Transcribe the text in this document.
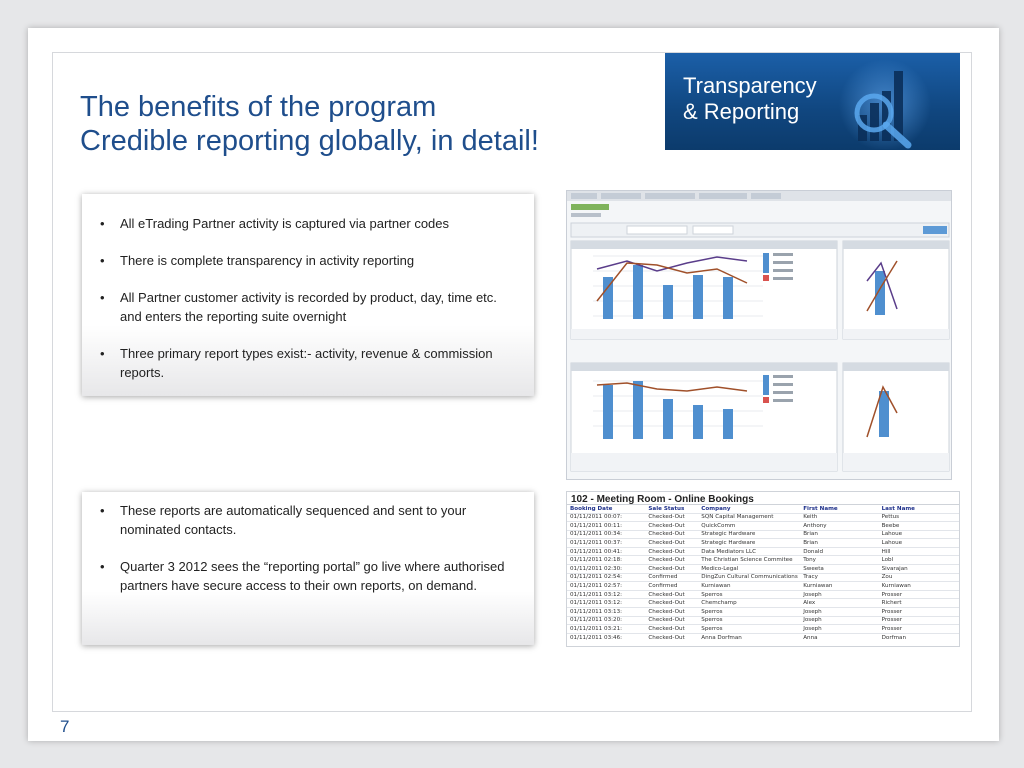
The benefits of the program
Credible reporting globally, in detail!
Transparency
& Reporting
• All eTrading Partner activity is captured via partner codes
• There is complete transparency in activity reporting
• All Partner customer activity is recorded by product, day, time etc. and enters the reporting suite overnight
• Three primary report types exist:- activity, revenue & commission reports.
• These reports are automatically sequenced and sent to your nominated contacts.
• Quarter 3 2012 sees the “reporting portal” go live where authorised partners have secure access to their own reports, on demand.
102 - Meeting Room - Online Bookings
Booking Date	Sale Status	Company	First Name	Last Name
01/11/2011 00:07:	Checked-Out	SQN Capital Management	Keith	Pettus
01/11/2011 00:11:	Checked-Out	QuickComm	Anthony	Beebe
01/11/2011 00:34:	Checked-Out	Strategic Hardware	Brian	Lahoue
01/11/2011 00:37:	Checked-Out	Strategic Hardware	Brian	Lahoue
01/11/2011 00:41:	Checked-Out	Data Mediators LLC	Donald	Hill
01/11/2011 02:18:	Checked-Out	The Christian Science Commitee	Tony	Lobl
01/11/2011 02:30:	Checked-Out	Medico-Legal	Sweeta	Sivarajan
01/11/2011 02:54:	Confirmed	DingZun Cultural Communications	Tracy	Zou
01/11/2011 02:57:	Confirmed	Kurniawan	Kurniawan	Kurniawan
01/11/2011 03:12:	Checked-Out	Sperros	Joseph	Prosser
01/11/2011 03:12:	Checked-Out	Chemchamp	Alex	Richert
01/11/2011 03:13:	Checked-Out	Sperros	Joseph	Prosser
01/11/2011 03:20:	Checked-Out	Sperros	Joseph	Prosser
01/11/2011 03:21:	Checked-Out	Sperros	Joseph	Prosser
01/11/2011 03:46:	Checked-Out	Anna Dorfman	Anna	Dorfman
7
